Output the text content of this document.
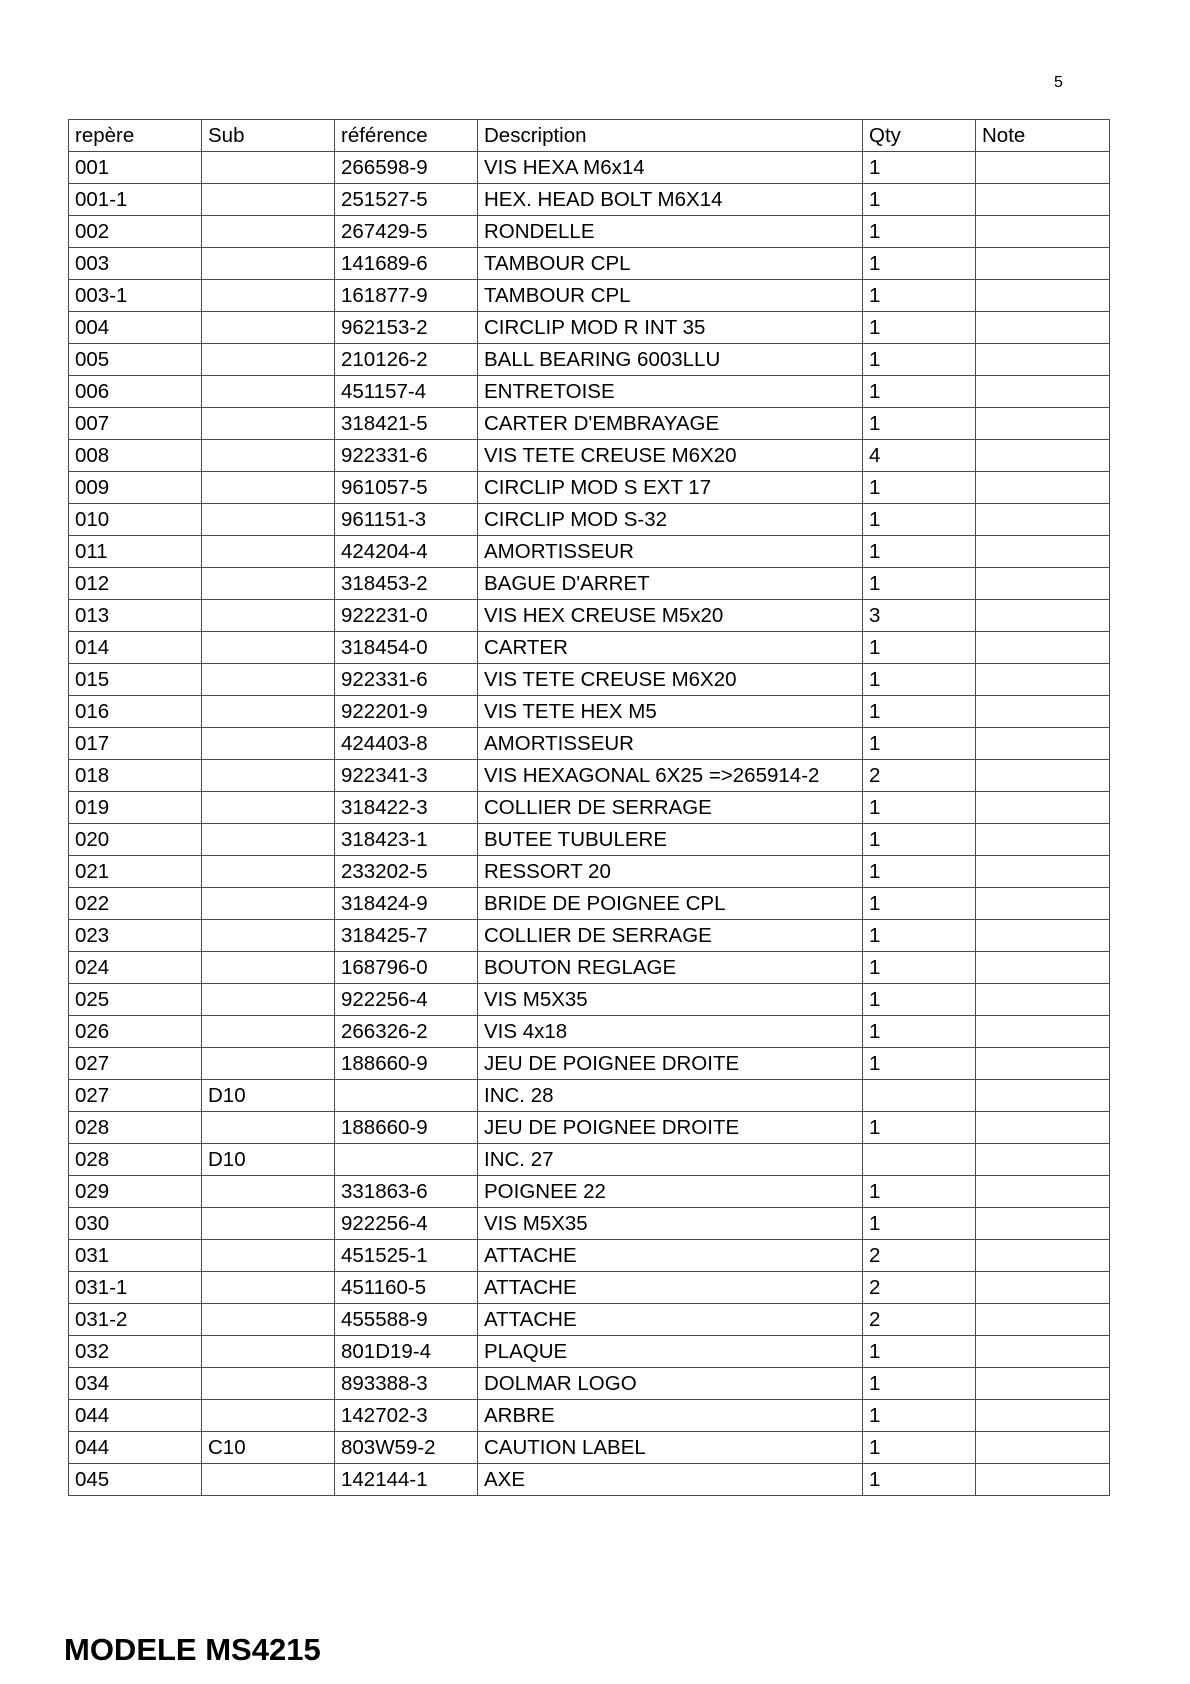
5
repère	Sub	référence	Description	Qty	Note
001		266598-9	VIS HEXA M6x14	1	
001-1		251527-5	HEX. HEAD BOLT M6X14	1	
002		267429-5	RONDELLE	1	
003		141689-6	TAMBOUR CPL	1	
003-1		161877-9	TAMBOUR CPL	1	
004		962153-2	CIRCLIP MOD R INT 35	1	
005		210126-2	BALL BEARING 6003LLU	1	
006		451157-4	ENTRETOISE	1	
007		318421-5	CARTER D'EMBRAYAGE	1	
008		922331-6	VIS TETE CREUSE M6X20	4	
009		961057-5	CIRCLIP MOD S EXT 17	1	
010		961151-3	CIRCLIP MOD S-32	1	
011		424204-4	AMORTISSEUR	1	
012		318453-2	BAGUE D'ARRET	1	
013		922231-0	VIS HEX CREUSE M5x20	3	
014		318454-0	CARTER	1	
015		922331-6	VIS TETE CREUSE M6X20	1	
016		922201-9	VIS TETE HEX M5	1	
017		424403-8	AMORTISSEUR	1	
018		922341-3	VIS HEXAGONAL 6X25 =>265914-2	2	
019		318422-3	COLLIER DE SERRAGE	1	
020		318423-1	BUTEE TUBULERE	1	
021		233202-5	RESSORT 20	1	
022		318424-9	BRIDE DE POIGNEE CPL	1	
023		318425-7	COLLIER DE SERRAGE	1	
024		168796-0	BOUTON REGLAGE	1	
025		922256-4	VIS M5X35	1	
026		266326-2	VIS 4x18	1	
027		188660-9	JEU DE POIGNEE DROITE	1	
027	D10		INC. 28		
028		188660-9	JEU DE POIGNEE DROITE	1	
028	D10		INC. 27		
029		331863-6	POIGNEE 22	1	
030		922256-4	VIS M5X35	1	
031		451525-1	ATTACHE	2	
031-1		451160-5	ATTACHE	2	
031-2		455588-9	ATTACHE	2	
032		801D19-4	PLAQUE	1	
034		893388-3	DOLMAR LOGO	1	
044		142702-3	ARBRE	1	
044	C10	803W59-2	CAUTION LABEL	1	
045		142144-1	AXE	1	
MODELE MS4215
